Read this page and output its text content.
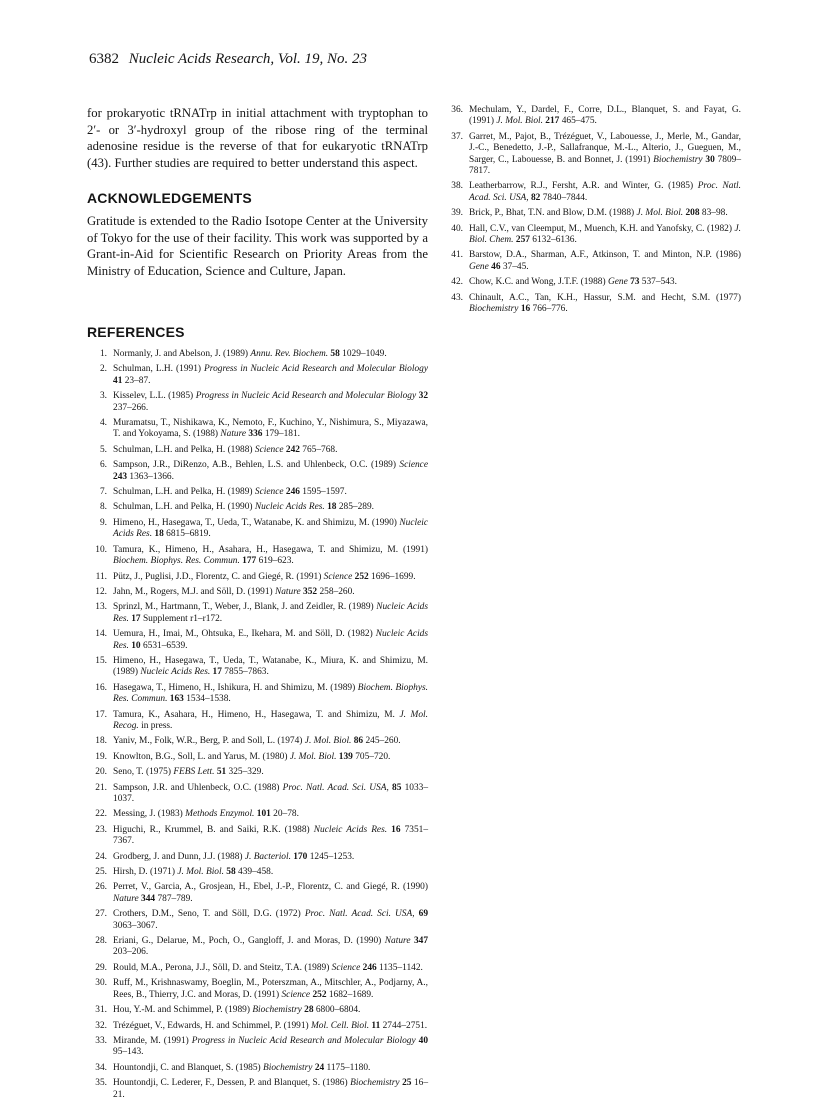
6382 Nucleic Acids Research, Vol. 19, No. 23

for prokaryotic tRNATrp in initial attachment with tryptophan to 2′- or 3′-hydroxyl group of the ribose ring of the terminal adenosine residue is the reverse of that for eukaryotic tRNATrp (43). Further studies are required to better understand this aspect.

ACKNOWLEDGEMENTS

Gratitude is extended to the Radio Isotope Center at the University of Tokyo for the use of their facility. This work was supported by a Grant-in-Aid for Scientific Research on Priority Areas from the Ministry of Education, Science and Culture, Japan.

REFERENCES
1. Normanly, J. and Abelson, J. (1989) Annu. Rev. Biochem. 58 1029–1049.
2. Schulman, L.H. (1991) Progress in Nucleic Acid Research and Molecular Biology 41 23–87.
3. Kisselev, L.L. (1985) Progress in Nucleic Acid Research and Molecular Biology 32 237–266.
4. Muramatsu, T., Nishikawa, K., Nemoto, F., Kuchino, Y., Nishimura, S., Miyazawa, T. and Yokoyama, S. (1988) Nature 336 179–181.
5. Schulman, L.H. and Pelka, H. (1988) Science 242 765–768.
6. Sampson, J.R., DiRenzo, A.B., Behlen, L.S. and Uhlenbeck, O.C. (1989) Science 243 1363–1366.
7. Schulman, L.H. and Pelka, H. (1989) Science 246 1595–1597.
8. Schulman, L.H. and Pelka, H. (1990) Nucleic Acids Res. 18 285–289.
9. Himeno, H., Hasegawa, T., Ueda, T., Watanabe, K. and Shimizu, M. (1990) Nucleic Acids Res. 18 6815–6819.
10. Tamura, K., Himeno, H., Asahara, H., Hasegawa, T. and Shimizu, M. (1991) Biochem. Biophys. Res. Commun. 177 619–623.
11. Pütz, J., Puglisi, J.D., Florentz, C. and Giegé, R. (1991) Science 252 1696–1699.
12. Jahn, M., Rogers, M.J. and Söll, D. (1991) Nature 352 258–260.
13. Sprinzl, M., Hartmann, T., Weber, J., Blank, J. and Zeidler, R. (1989) Nucleic Acids Res. 17 Supplement r1–r172.
14. Uemura, H., Imai, M., Ohtsuka, E., Ikehara, M. and Söll, D. (1982) Nucleic Acids Res. 10 6531–6539.
15. Himeno, H., Hasegawa, T., Ueda, T., Watanabe, K., Miura, K. and Shimizu, M. (1989) Nucleic Acids Res. 17 7855–7863.
16. Hasegawa, T., Himeno, H., Ishikura, H. and Shimizu, M. (1989) Biochem. Biophys. Res. Commun. 163 1534–1538.
17. Tamura, K., Asahara, H., Himeno, H., Hasegawa, T. and Shimizu, M. J. Mol. Recog. in press.
18. Yaniv, M., Folk, W.R., Berg, P. and Soll, L. (1974) J. Mol. Biol. 86 245–260.
19. Knowlton, B.G., Soll, L. and Yarus, M. (1980) J. Mol. Biol. 139 705–720.
20. Seno, T. (1975) FEBS Lett. 51 325–329.
21. Sampson, J.R. and Uhlenbeck, O.C. (1988) Proc. Natl. Acad. Sci. USA, 85 1033–1037.
22. Messing, J. (1983) Methods Enzymol. 101 20–78.
23. Higuchi, R., Krummel, B. and Saiki, R.K. (1988) Nucleic Acids Res. 16 7351–7367.
24. Grodberg, J. and Dunn, J.J. (1988) J. Bacteriol. 170 1245–1253.
25. Hirsh, D. (1971) J. Mol. Biol. 58 439–458.
26. Perret, V., Garcia, A., Grosjean, H., Ebel, J.-P., Florentz, C. and Giegé, R. (1990) Nature 344 787–789.
27. Crothers, D.M., Seno, T. and Söll, D.G. (1972) Proc. Natl. Acad. Sci. USA, 69 3063–3067.
28. Eriani, G., Delarue, M., Poch, O., Gangloff, J. and Moras, D. (1990) Nature 347 203–206.
29. Rould, M.A., Perona, J.J., Söll, D. and Steitz, T.A. (1989) Science 246 1135–1142.
30. Ruff, M., Krishnaswamy, Boeglin, M., Poterszman, A., Mitschler, A., Podjarny, A., Rees, B., Thierry, J.C. and Moras, D. (1991) Science 252 1682–1689.
31. Hou, Y.-M. and Schimmel, P. (1989) Biochemistry 28 6800–6804.
32. Trézéguet, V., Edwards, H. and Schimmel, P. (1991) Mol. Cell. Biol. 11 2744–2751.
33. Mirande, M. (1991) Progress in Nucleic Acid Research and Molecular Biology 40 95–143.
34. Hountondji, C. and Blanquet, S. (1985) Biochemistry 24 1175–1180.
35. Hountondji, C. Lederer, F., Dessen, P. and Blanquet, S. (1986) Biochemistry 25 16–21.
36. Mechulam, Y., Dardel, F., Corre, D.L., Blanquet, S. and Fayat, G. (1991) J. Mol. Biol. 217 465–475.
37. Garret, M., Pajot, B., Trézéguet, V., Labouesse, J., Merle, M., Gandar, J.-C., Benedetto, J.-P., Sallafranque, M.-L., Alterio, J., Gueguen, M., Sarger, C., Labouesse, B. and Bonnet, J. (1991) Biochemistry 30 7809–7817.
38. Leatherbarrow, R.J., Fersht, A.R. and Winter, G. (1985) Proc. Natl. Acad. Sci. USA, 82 7840–7844.
39. Brick, P., Bhat, T.N. and Blow, D.M. (1988) J. Mol. Biol. 208 83–98.
40. Hall, C.V., van Cleemput, M., Muench, K.H. and Yanofsky, C. (1982) J. Biol. Chem. 257 6132–6136.
41. Barstow, D.A., Sharman, A.F., Atkinson, T. and Minton, N.P. (1986) Gene 46 37–45.
42. Chow, K.C. and Wong, J.T.F. (1988) Gene 73 537–543.
43. Chinault, A.C., Tan, K.H., Hassur, S.M. and Hecht, S.M. (1977) Biochemistry 16 766–776.
